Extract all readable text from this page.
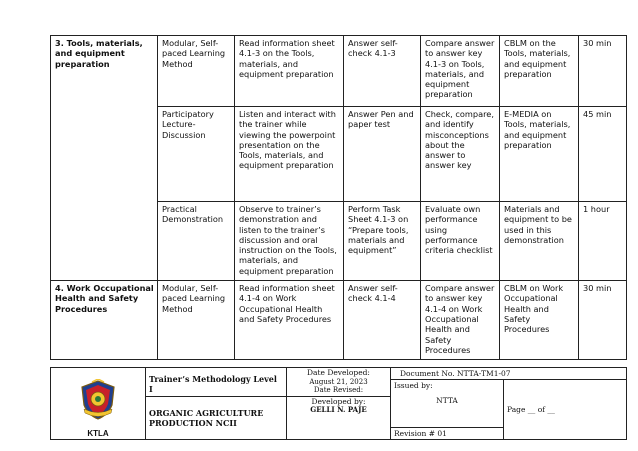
3. Tools, materials, and equipment preparation	Modular, Self-paced Learning Method	Read information sheet 4.1-3 on the Tools, materials, and equipment preparation	Answer self-check 4.1-3	Compare answer to answer key 4.1-3 on Tools, materials, and equipment preparation	CBLM on the Tools, materials, and equipment preparation	30 min
	Participatory Lecture-Discussion	Listen and interact with the trainer while viewing the powerpoint presentation on the Tools, materials, and equipment preparation	Answer Pen and paper test	Check, compare, and identify misconceptions about the answer to answer key	E-MEDIA on Tools, materials, and equipment preparation	45 min
	Practical Demonstration	Observe to trainer’s demonstration and listen to the trainer’s discussion and oral instruction on the Tools, materials, and equipment preparation	Perform Task Sheet 4.1-3 on “Prepare tools, materials and equipment”	Evaluate own performance using performance criteria checklist	Materials and equipment to be used in this demonstration	1 hour
4. Work Occupational Health and Safety Procedures	Modular, Self-paced Learning Method	Read information sheet 4.1-4 on Work Occupational Health and Safety Procedures	Answer self-check 4.1-4	Compare answer to answer key 4.1-4 on Work Occupational Health and Safety Procedures	CBLM on Work Occupational Health and Safety Procedures	30 min
KTLA	Trainer’s Methodology Level I	Date Developed:
August 21, 2023
Date Revised:	Document No. NTTA-TM1-07	

			Issued by:
NTTA	Page __ of __

	ORGANIC AGRICULTURE PRODUCTION NCII	Developed by:
GELLI N. PAJE		

			Revision # 01	
